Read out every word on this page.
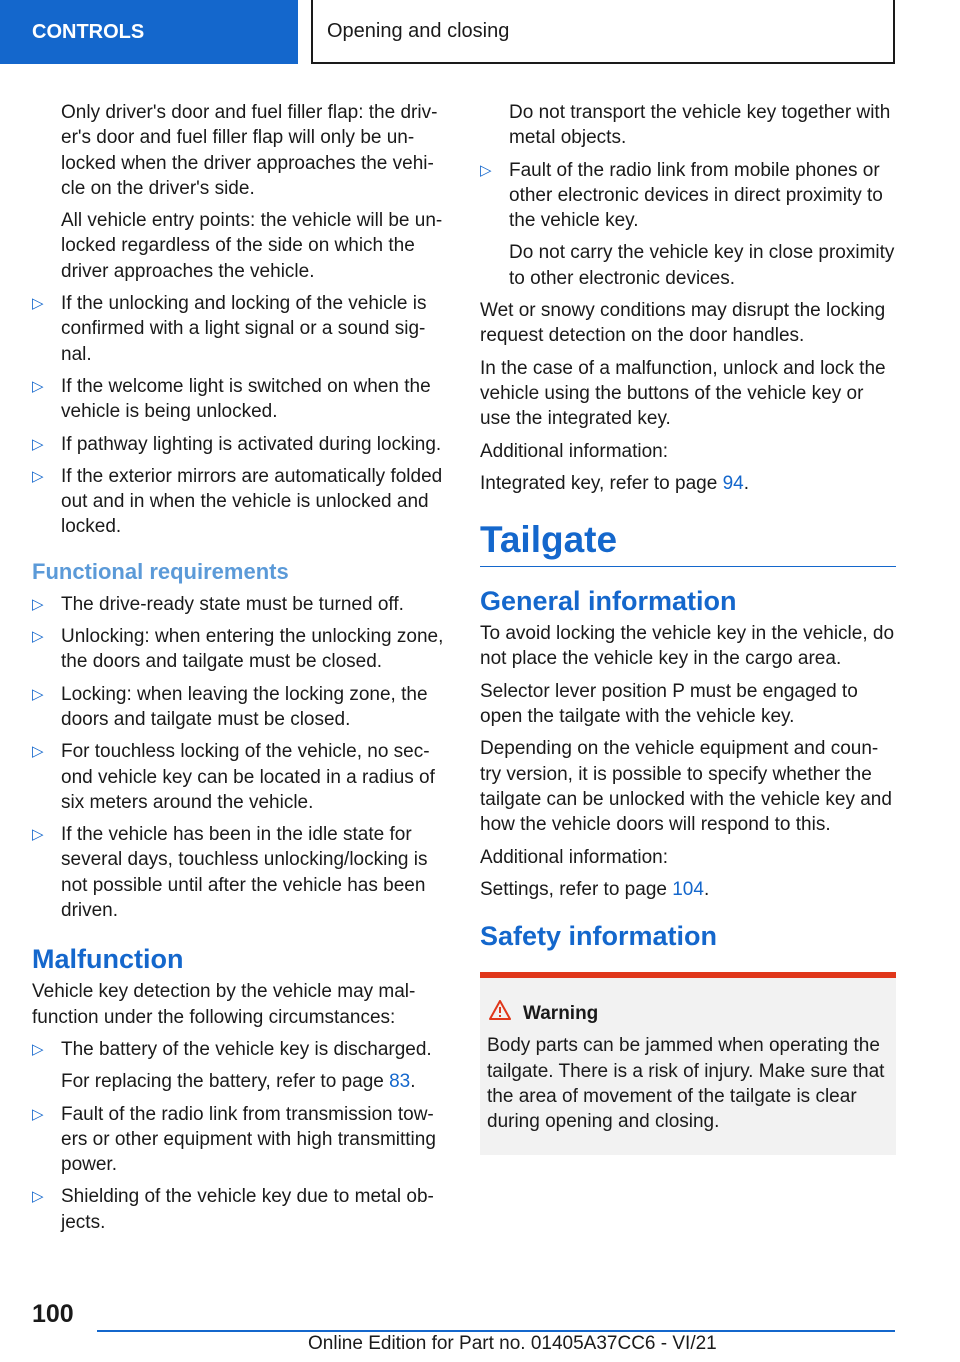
CONTROLS	Opening and closing

Only driver's door and fuel filler flap: the driv‐er's door and fuel filler flap will only be un‐locked when the driver approaches the vehi‐cle on the driver's side.

All vehicle entry points: the vehicle will be un‐locked regardless of the side on which the driver approaches the vehicle.

▷ If the unlocking and locking of the vehicle is confirmed with a light signal or a sound sig‐nal.
▷ If the welcome light is switched on when the vehicle is being unlocked.
▷ If pathway lighting is activated during locking.
▷ If the exterior mirrors are automatically folded out and in when the vehicle is unlocked and locked.
Functional requirements
▷ The drive-ready state must be turned off.
▷ Unlocking: when entering the unlocking zone, the doors and tailgate must be closed.
▷ Locking: when leaving the locking zone, the doors and tailgate must be closed.
▷ For touchless locking of the vehicle, no sec‐ond vehicle key can be located in a radius of six meters around the vehicle.
▷ If the vehicle has been in the idle state for several days, touchless unlocking/locking is not possible until after the vehicle has been driven.
Malfunction

Vehicle key detection by the vehicle may mal‐function under the following circumstances:

▷ The battery of the vehicle key is discharged.

For replacing the battery, refer to page 83.

▷ Fault of the radio link from transmission tow‐ers or other equipment with high transmitting power.
▷ Shielding of the vehicle key due to metal ob‐jects.

Do not transport the vehicle key together with metal objects.

▷ Fault of the radio link from mobile phones or other electronic devices in direct proximity to the vehicle key.

Do not carry the vehicle key in close proximity to other electronic devices.

Wet or snowy conditions may disrupt the locking request detection on the door handles.

In the case of a malfunction, unlock and lock the vehicle using the buttons of the vehicle key or use the integrated key.

Additional information:

Integrated key, refer to page 94.

Tailgate
General information

To avoid locking the vehicle key in the vehicle, do not place the vehicle key in the cargo area.

Selector lever position P must be engaged to open the tailgate with the vehicle key.

Depending on the vehicle equipment and coun‐try version, it is possible to specify whether the tailgate can be unlocked with the vehicle key and how the vehicle doors will respond to this.

Additional information:

Settings, refer to page 104.

Safety information
Warning

Body parts can be jammed when operating the tailgate. There is a risk of injury. Make sure that the area of movement of the tailgate is clear during opening and closing.

100
Online Edition for Part no. 01405A37CC6 - VI/21
